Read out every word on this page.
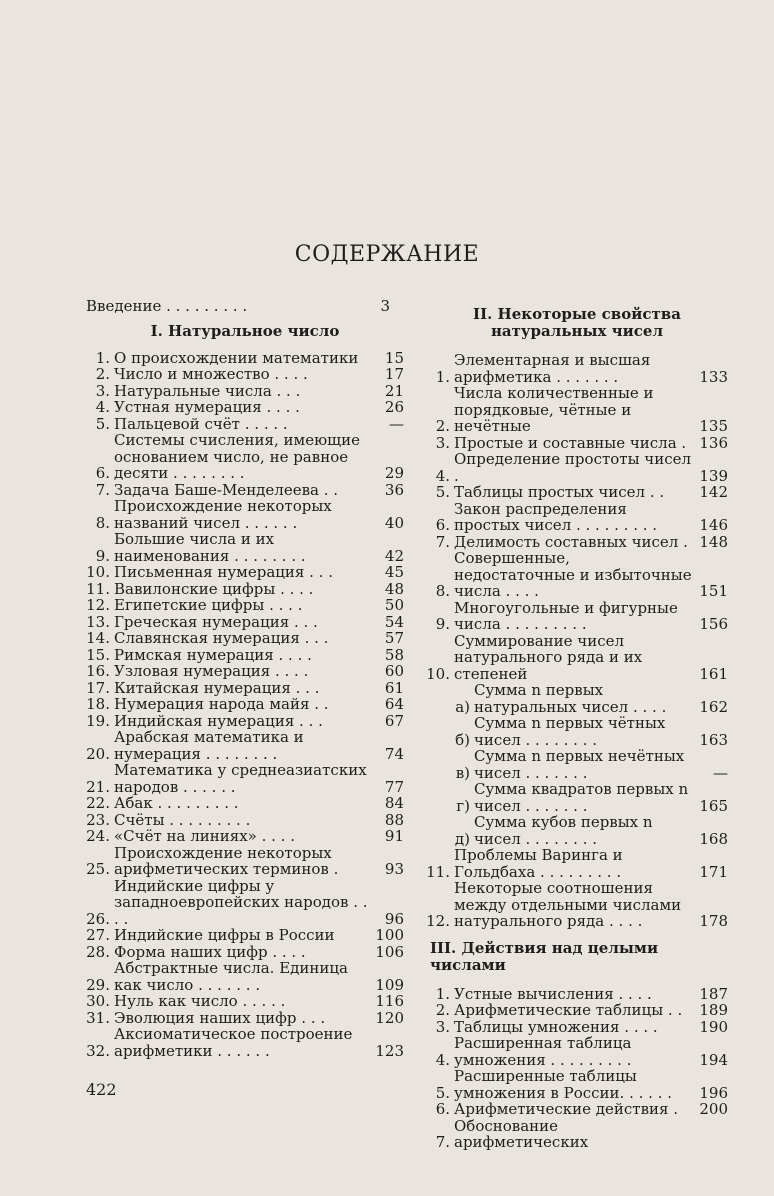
СОДЕРЖАНИЕ
Введение . . . . . . . . .	3
I. Натуральное число
1. О происхождении математики	15
2. Число и множество . . . .	17
3. Натуральные числа . . .	21
4. Устная нумерация . . . .	26
5. Пальцевой счёт . . . . .	—
6.
Системы счисления, имеющие основанием число, не равное десяти . . . . . . . .	29
7. Задача Баше-Менделеева . .	36
8.
Происхождение некоторых названий чисел . . . . . .	40
9.
Большие числа и их наименования . . . . . . . .	42
10. Письменная нумерация . . .	45
11. Вавилонские цифры . . . .	48
12. Египетские цифры . . . .	50
13. Греческая нумерация . . .	54
14. Славянская нумерация . . .	57
15. Римская нумерация . . . .	58
16. Узловая нумерация . . . .	60
17. Китайская нумерация . . .	61
18. Нумерация народа майя . .	64
19. Индийская нумерация . . .	67
20.
Арабская математика и нумерация . . . . . . . .	74
21.
Математика у среднеазиатских народов . . . . . .	77
22. Абак . . . . . . . . .	84
23. Счёты . . . . . . . . .	88
24. «Счёт на линиях» . . . .	91
25.
Происхождение некоторых арифметических терминов .	93
26.
Индийские цифры у западноевропейских народов . . . .	96
27. Индийские цифры в России	100
28. Форма наших цифр . . . .	106
29.
Абстрактные числа. Единица как число . . . . . . .	109
30. Нуль как число . . . . .	116
31. Эволюция наших цифр . . .	120
32.
Аксиоматическое построение арифметики . . . . . .	123
II. Некоторые свойства натуральных чисел
1.
Элементарная и высшая арифметика . . . . . . .	133
2.
Числа количественные и порядковые, чётные и нечётные	135
3. Простые и составные числа . 136
4.
Определение простоты чисел .	139
5. Таблицы простых чисел . .	142
6.
Закон распределения простых чисел . . . . . . . . .	146
7. Делимость составных чисел . 148
8.
Совершенные, недостаточные и избыточные числа . . . .	151
9.
Многоугольные и фигурные числа . . . . . . . . .	156
10.
Суммирование чисел натурального ряда и их степеней	161
а)
Сумма n первых натуральных чисел . . . .	162
б)
Сумма n первых чётных чисел . . . . . . . .	163
в)
Сумма n первых нечётных чисел . . . . . . .	—
г)
Сумма квадратов первых n чисел . . . . . . .	165
д)
Сумма кубов первых n чисел . . . . . . . .	168
11.
Проблемы Варинга и Гольдбаха . . . . . . . . .	171
12.
Некоторые соотношения между отдельными числами натурального ряда . . . .	178
III. Действия над целыми числами
1. Устные вычисления . . . .	187
2. Арифметические таблицы . .	189
3. Таблицы умножения . . . .	190
4.
Расширенная таблица умножения . . . . . . . . .	194
5.
Расширенные таблицы умножения в России. . . . . .	196
6. Арифметические действия .	200
7.
Обоснование арифметических
422
